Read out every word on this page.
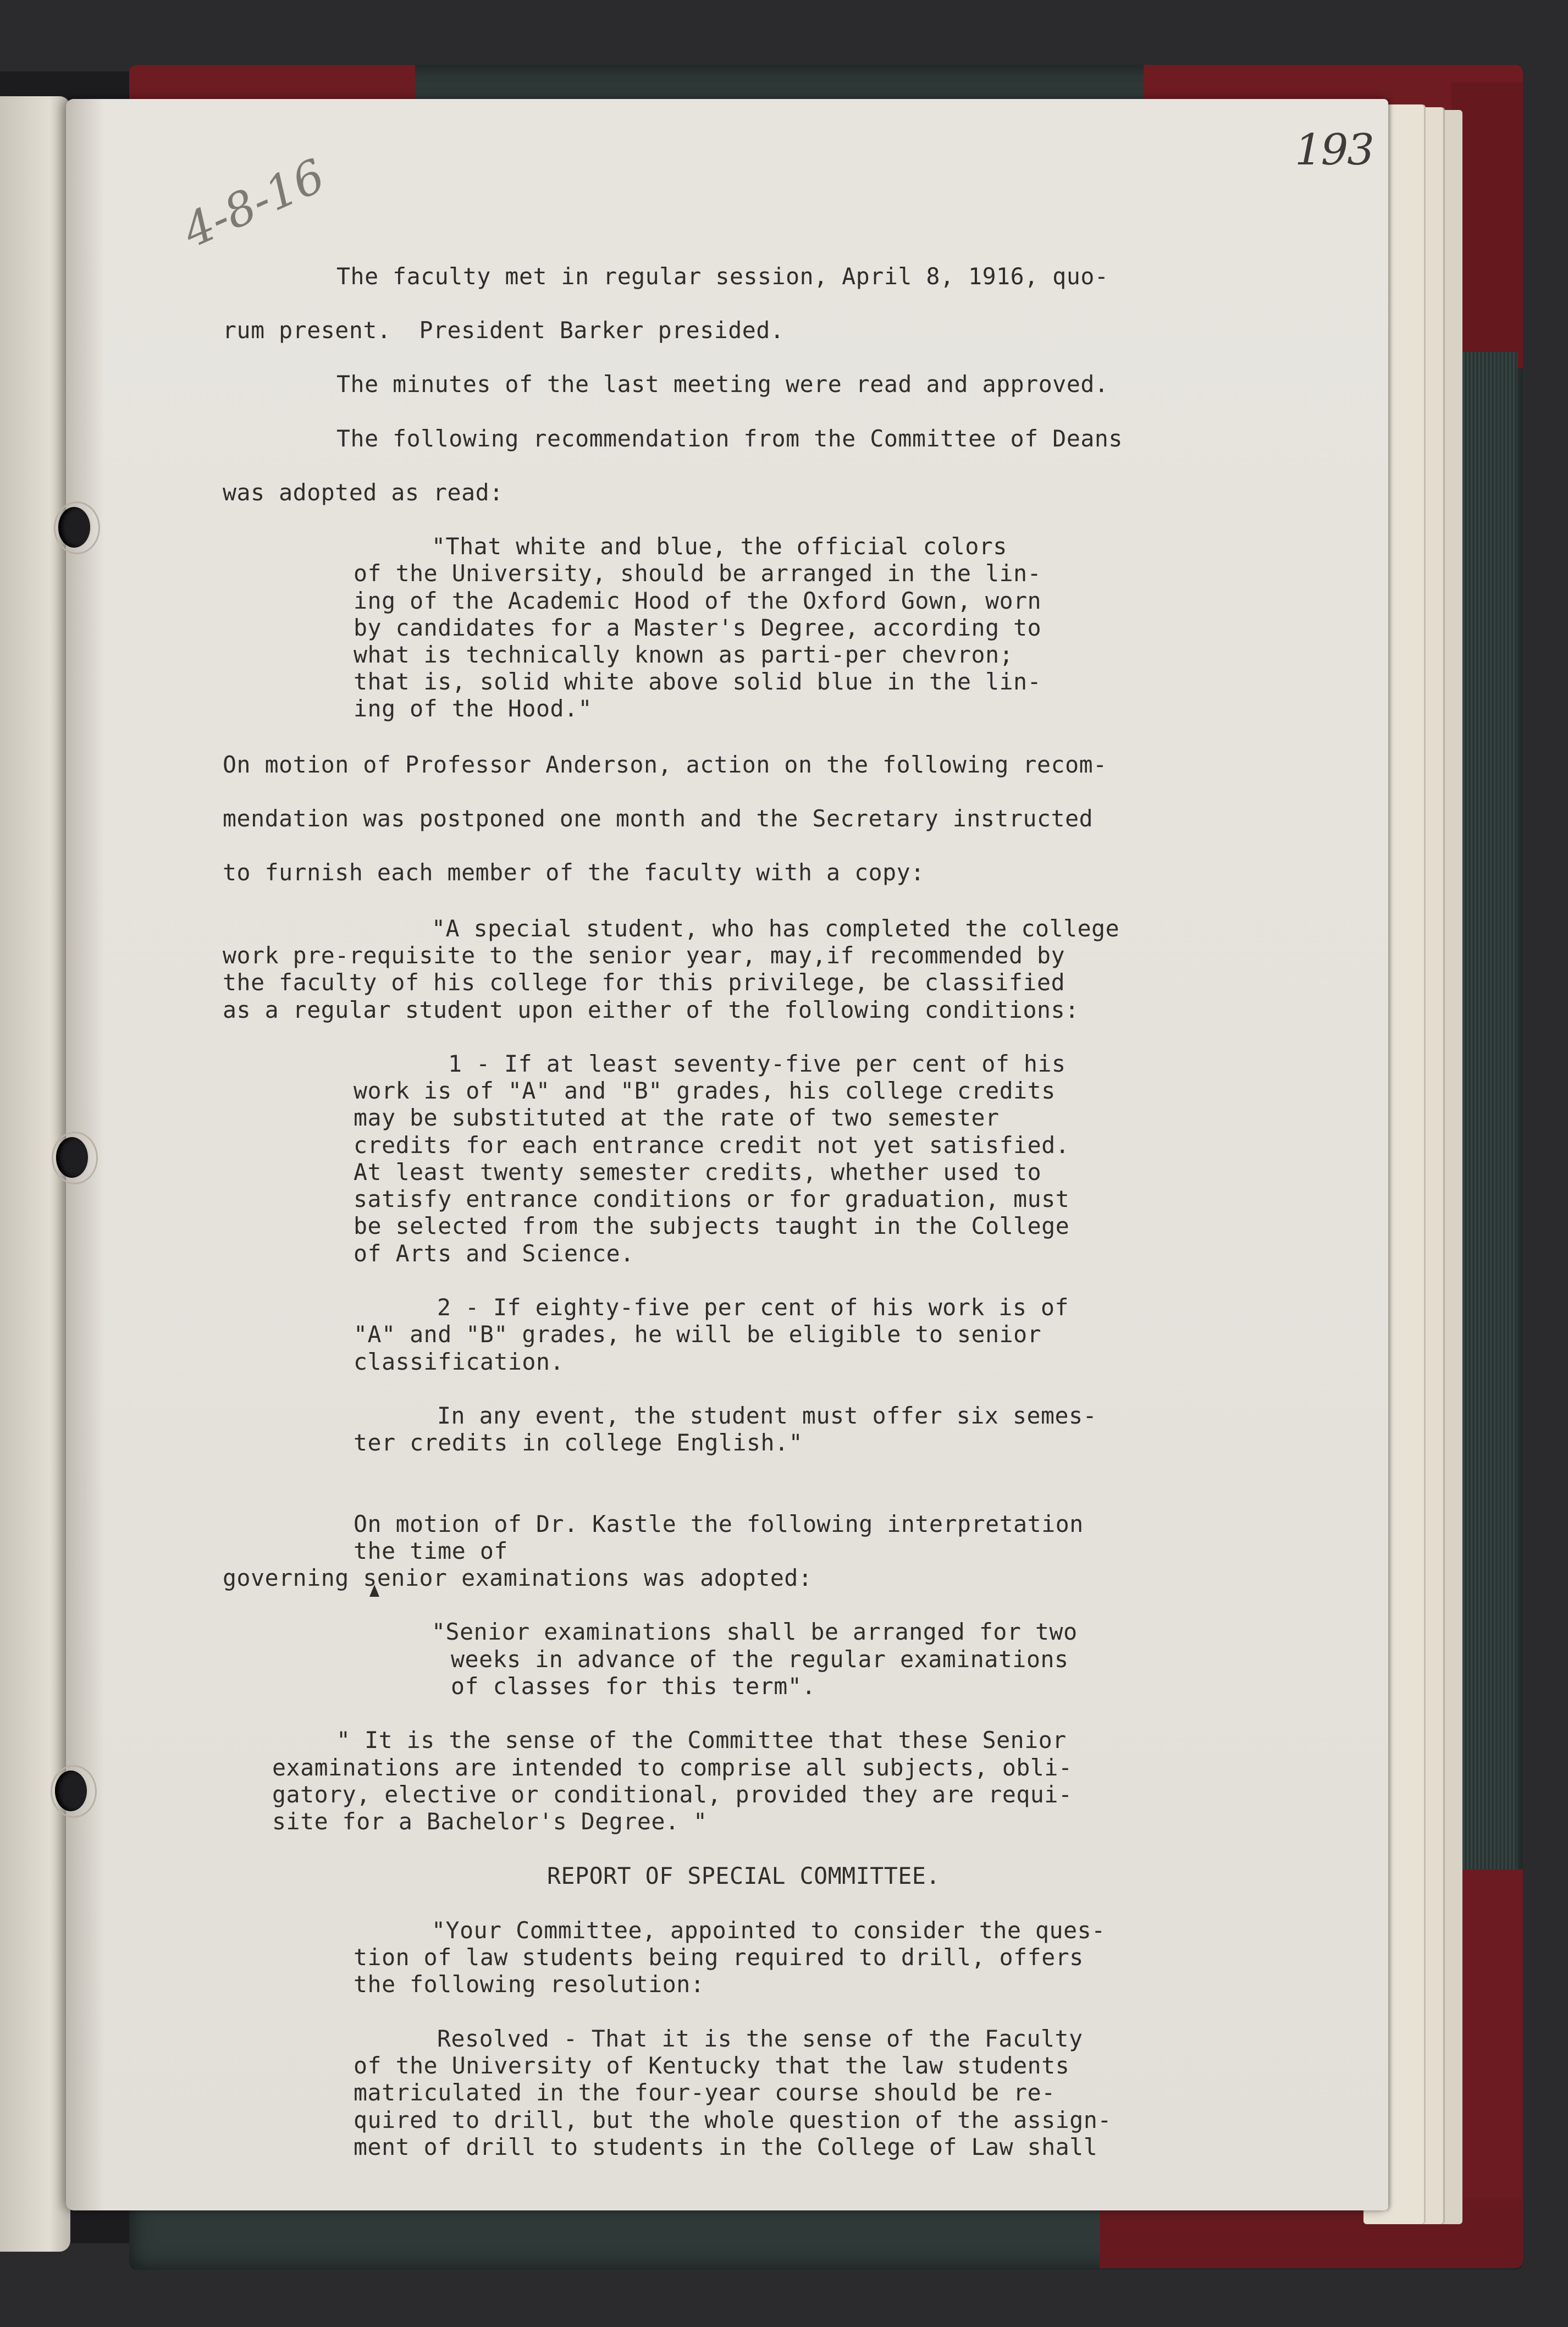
193
4-8-16
The faculty met in regular session, April 8, 1916, quo-
rum present.  President Barker presided.
The minutes of the last meeting were read and approved.
The following recommendation from the Committee of Deans
was adopted as read:
"That white and blue, the official colors
of the University, should be arranged in the lin-
ing of the Academic Hood of the Oxford Gown, worn
by candidates for a Master's Degree, according to
what is technically known as parti-per chevron;
that is, solid white above solid blue in the lin-
ing of the Hood."
On motion of Professor Anderson, action on the following recom-
mendation was postponed one month and the Secretary instructed
to furnish each member of the faculty with a copy:
"A special student, who has completed the college
work pre-requisite to the senior year, may,if recommended by
the faculty of his college for this privilege, be classified
as a regular student upon either of the following conditions:
1 - If at least seventy-five per cent of his
work is of "A" and "B" grades, his college credits
may be substituted at the rate of two semester
credits for each entrance credit not yet satisfied.
At least twenty semester credits, whether used to
satisfy entrance conditions or for graduation, must
be selected from the subjects taught in the College
of Arts and Science.
2 - If eighty-five per cent of his work is of
"A" and "B" grades, he will be eligible to senior
classification.
In any event, the student must offer six semes-
ter credits in college English."
On motion of Dr. Kastle the following interpretation
the time of
governing senior examinations was adopted:
"Senior examinations shall be arranged for two
weeks in advance of the regular examinations
of classes for this term".
" It is the sense of the Committee that these Senior
examinations are intended to comprise all subjects, obli-
gatory, elective or conditional, provided they are requi-
site for a Bachelor's Degree. "
REPORT OF SPECIAL COMMITTEE.
"Your Committee, appointed to consider the ques-
tion of law students being required to drill, offers
the following resolution:
Resolved - That it is the sense of the Faculty
of the University of Kentucky that the law students
matriculated in the four-year course should be re-
quired to drill, but the whole question of the assign-
ment of drill to students in the College of Law shall
